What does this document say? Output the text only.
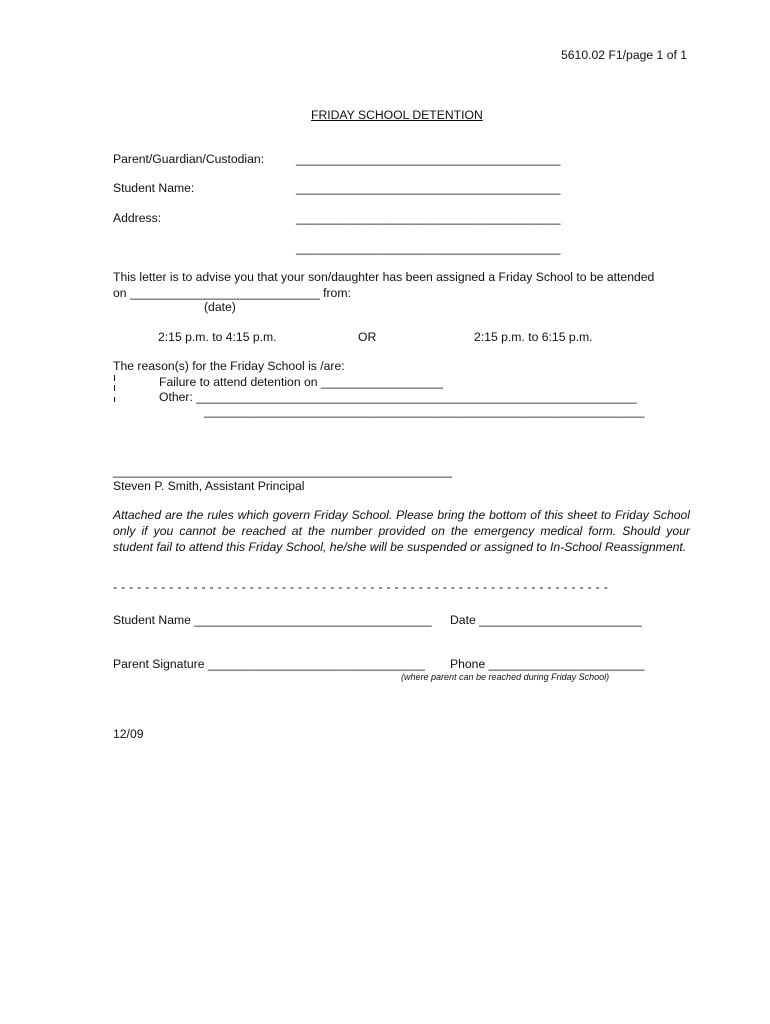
5610.02 F1/page 1 of 1
FRIDAY SCHOOL DETENTION
Parent/Guardian/Custodian:	_______________________________________
Student Name:	_______________________________________
Address:	_______________________________________
_______________________________________
This letter is to advise you that your son/daughter has been assigned a Friday School to be attended
on ____________________________ from:
(date)
2:15 p.m. to 4:15 p.m.	OR	2:15 p.m. to 6:15 p.m.
The reason(s) for the Friday School is /are:
Failure to attend detention on __________________
Other: _________________________________________________________________
_________________________________________________________________
__________________________________________________
Steven P. Smith, Assistant Principal
Attached are the rules which govern Friday School. Please bring the bottom of this sheet to Friday School only if you cannot be reached at the number provided on the emergency medical form. Should your student fail to attend this Friday School, he/she will be suspended or assigned to In-School Reassignment.
- - - - - - - - - - - - - - - - - - - - - - - - - - - - - - - - - - - - - - - - - - - - - - - - - - - - - - - - - - - - - -
Student Name ___________________________________ Date ________________________
Parent Signature ________________________________ Phone _______________________
(where parent can be reached during Friday School)
12/09
